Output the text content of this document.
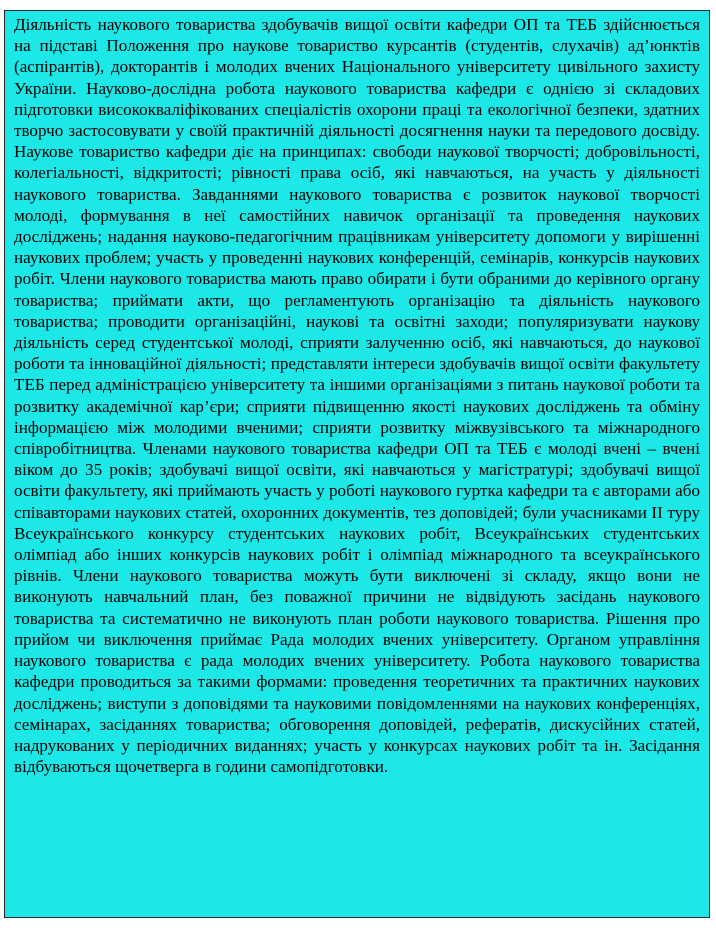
Діяльність наукового товариства здобувачів вищої освіти кафедри ОП та ТЕБ здійснюється на підставі Положення про наукове товариство курсантів (студентів, слухачів) ад’юнктів (аспірантів), докторантів і молодих вчених Національного університету цивільного захисту України. Науково-дослідна робота наукового товариства кафедри є однією зі складових підготовки висококваліфікованих спеціалістів охорони праці та екологічної безпеки, здатних творчо застосовувати у своїй практичній діяльності досягнення науки та передового досвіду. Наукове товариство кафедри діє на принципах: свободи наукової творчості; добровільності, колегіальності, відкритості; рівності права осіб, які навчаються, на участь у діяльності наукового товариства. Завданнями наукового товариства є розвиток наукової творчості молоді, формування в неї самостійних навичок організації та проведення наукових досліджень; надання науково-педагогічним працівникам університету допомоги у вирішенні наукових проблем; участь у проведенні наукових конференцій, семінарів, конкурсів наукових робіт. Члени наукового товариства мають право обирати і бути обраними до керівного органу товариства; приймати акти, що регламентують організацію та діяльність наукового товариства; проводити організаційні, наукові та освітні заходи; популяризувати наукову діяльність серед студентської молоді, сприяти залученню осіб, які навчаються, до наукової роботи та інноваційної діяльності; представляти інтереси здобувачів вищої освіти факультету ТЕБ перед адміністрацією університету та іншими організаціями з питань наукової роботи та розвитку академічної кар’єри; сприяти підвищенню якості наукових досліджень та обміну інформацією між молодими вченими; сприяти розвитку міжвузівського та міжнародного співробітництва. Членами наукового товариства кафедри ОП та ТЕБ є молоді вчені – вчені віком до 35 років; здобувачі вищої освіти, які навчаються у магістратурі; здобувачі вищої освіти факультету, які приймають участь у роботі наукового гуртка кафедри та є авторами або співавторами наукових статей, охоронних документів, тез доповідей; були учасниками II туру Всеукраїнського конкурсу студентських наукових робіт, Всеукраїнських студентських олімпіад або інших конкурсів наукових робіт і олімпіад міжнародного та всеукраїнського рівнів. Члени наукового товариства можуть бути виключені зі складу, якщо вони не виконують навчальний план, без поважної причини не відвідують засідань наукового товариства та систематично не виконують план роботи наукового товариства. Рішення про прийом чи виключення приймає Рада молодих вчених університету. Органом управління наукового товариства є рада молодих вчених університету. Робота наукового товариства кафедри проводиться за такими формами: проведення теоретичних та практичних наукових досліджень; виступи з доповідями та науковими повідомленнями на наукових конференціях, семінарах, засіданнях товариства; обговорення доповідей, рефератів, дискусійних статей, надрукованих у періодичних виданнях; участь у конкурсах наукових робіт та ін. Засідання відбуваються щочетверга в години самопідготовки.
